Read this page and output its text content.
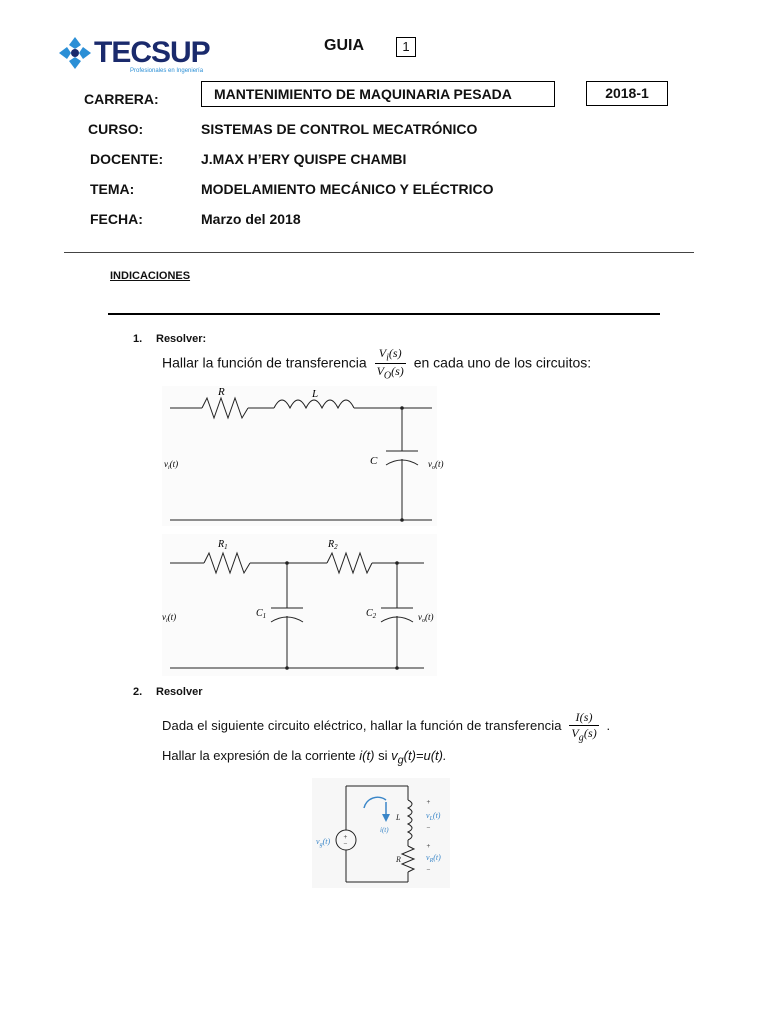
TECSUP
Profesionales en Ingeniería
GUIA	1
CARRERA:	MANTENIMIENTO DE MAQUINARIA PESADA	2018-1
CURSO:	SISTEMAS DE CONTROL MECATRÓNICO
DOCENTE:	J.MAX H’ERY QUISPE CHAMBI
TEMA:	MODELAMIENTO MECÁNICO Y ELÉCTRICO
FECHA:	Marzo del 2018
INDICACIONES
1. Resolver:
Hallar la función de transferencia $\frac{V_i(s)}{V_O(s)}$ en cada uno de los circuitos:
R	L
C
$v_i(t)$	$v_o(t)$
$R_1$	$R_2$
$C_1$	$C_2$
$v_i(t)$	$v_o(t)$
2. Resolver
Dada el siguiente circuito eléctrico, hallar la función de transferencia $\frac{I(s)}{V_g(s)}$ .
Hallar la expresión de la corriente i(t) si $v_g(t)=u(t)$.
+
−
$v_g(t)$
L
R
i(t)
+
$v_L(t)$
−
+
$v_R(t)$
−
